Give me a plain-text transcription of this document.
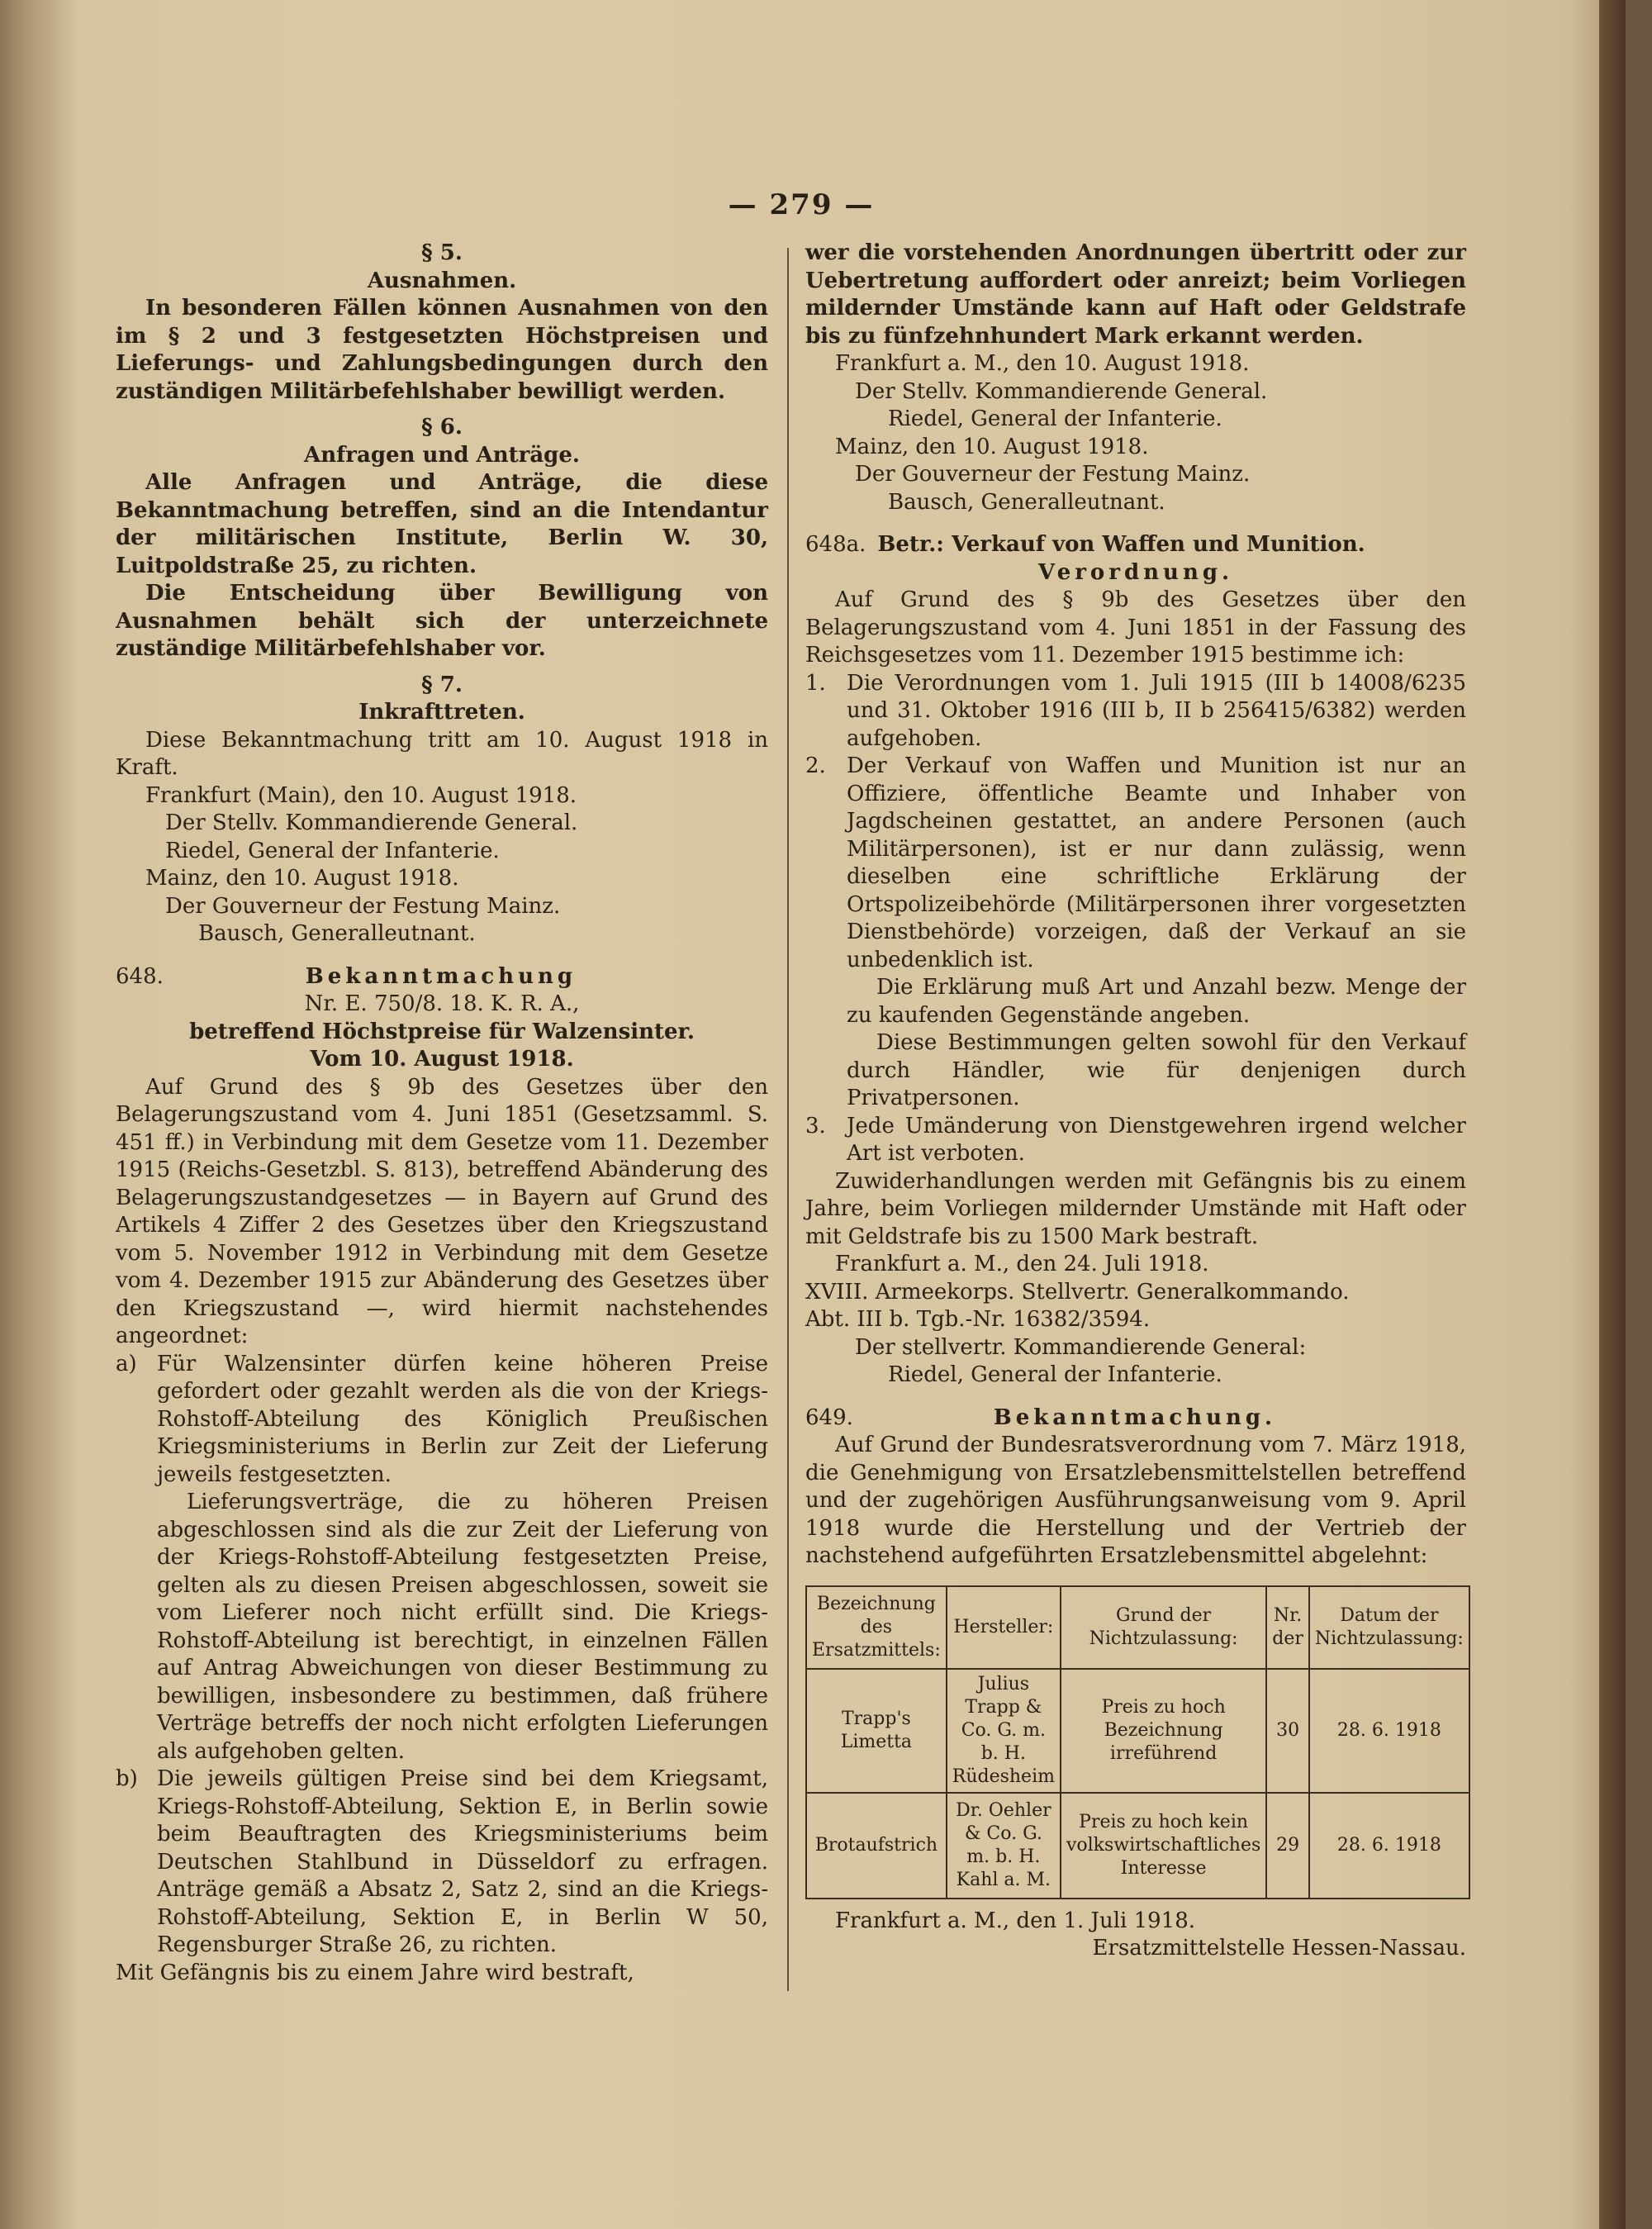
— 279 —

§ 5.

Ausnahmen.

In besonderen Fällen können Ausnahmen von den im § 2 und 3 festgesetzten Höchstpreisen und Lieferungs- und Zahlungsbedingungen durch den zuständigen Militärbefehlshaber bewilligt werden.

§ 6.

Anfragen und Anträge.

Alle Anfragen und Anträge, die diese Bekanntmachung betreffen, sind an die Intendantur der militärischen Institute, Berlin W. 30, Luitpoldstraße 25, zu richten.

Die Entscheidung über Bewilligung von Ausnahmen behält sich der unterzeichnete zuständige Militärbefehlshaber vor.

§ 7.

Inkrafttreten.

Diese Bekanntmachung tritt am 10. August 1918 in Kraft.

Frankfurt (Main), den 10. August 1918.

Der Stellv. Kommandierende General.

Riedel, General der Infanterie.

Mainz, den 10. August 1918.

Der Gouverneur der Festung Mainz.

Bausch, Generalleutnant.

648.	Bekanntmachung

Nr. E. 750/8. 18. K. R. A.,

betreffend Höchstpreise für Walzensinter.

Vom 10. August 1918.

Auf Grund des § 9b des Gesetzes über den Belagerungszustand vom 4. Juni 1851 (Gesetzsamml. S. 451 ff.) in Verbindung mit dem Gesetze vom 11. Dezember 1915 (Reichs-Gesetzbl. S. 813), betreffend Abänderung des Belagerungszustandgesetzes — in Bayern auf Grund des Artikels 4 Ziffer 2 des Gesetzes über den Kriegszustand vom 5. November 1912 in Verbindung mit dem Gesetze vom 4. Dezember 1915 zur Abänderung des Gesetzes über den Kriegszustand —, wird hiermit nachstehendes angeordnet:

a) Für Walzensinter dürfen keine höheren Preise gefordert oder gezahlt werden als die von der Kriegs-Rohstoff-Abteilung des Königlich Preußischen Kriegsministeriums in Berlin zur Zeit der Lieferung jeweils festgesetzten.

Lieferungsverträge, die zu höheren Preisen abgeschlossen sind als die zur Zeit der Lieferung von der Kriegs-Rohstoff-Abteilung festgesetzten Preise, gelten als zu diesen Preisen abgeschlossen, soweit sie vom Lieferer noch nicht erfüllt sind. Die Kriegs-Rohstoff-Abteilung ist berechtigt, in einzelnen Fällen auf Antrag Abweichungen von dieser Bestimmung zu bewilligen, insbesondere zu bestimmen, daß frühere Verträge betreffs der noch nicht erfolgten Lieferungen als aufgehoben gelten.

b) Die jeweils gültigen Preise sind bei dem Kriegsamt, Kriegs-Rohstoff-Abteilung, Sektion E, in Berlin sowie beim Beauftragten des Kriegsministeriums beim Deutschen Stahlbund in Düsseldorf zu erfragen. Anträge gemäß a Absatz 2, Satz 2, sind an die Kriegs-Rohstoff-Abteilung, Sektion E, in Berlin W 50, Regensburger Straße 26, zu richten.

Mit Gefängnis bis zu einem Jahre wird bestraft,

wer die vorstehenden Anordnungen übertritt oder zur Uebertretung auffordert oder anreizt; beim Vorliegen mildernder Umstände kann auf Haft oder Geldstrafe bis zu fünfzehnhundert Mark erkannt werden.

Frankfurt a. M., den 10. August 1918.

Der Stellv. Kommandierende General.

Riedel, General der Infanterie.

Mainz, den 10. August 1918.

Der Gouverneur der Festung Mainz.

Bausch, Generalleutnant.

648a. Betr.: Verkauf von Waffen und Munition.

Verordnung.

Auf Grund des § 9b des Gesetzes über den Belagerungszustand vom 4. Juni 1851 in der Fassung des Reichsgesetzes vom 11. Dezember 1915 bestimme ich:

1. Die Verordnungen vom 1. Juli 1915 (III b 14008/6235 und 31. Oktober 1916 (III b, II b 256415/6382) werden aufgehoben.

2. Der Verkauf von Waffen und Munition ist nur an Offiziere, öffentliche Beamte und Inhaber von Jagdscheinen gestattet, an andere Personen (auch Militärpersonen), ist er nur dann zulässig, wenn dieselben eine schriftliche Erklärung der Ortspolizeibehörde (Militärpersonen ihrer vorgesetzten Dienstbehörde) vorzeigen, daß der Verkauf an sie unbedenklich ist.

Die Erklärung muß Art und Anzahl bezw. Menge der zu kaufenden Gegenstände angeben.

Diese Bestimmungen gelten sowohl für den Verkauf durch Händler, wie für denjenigen durch Privatpersonen.

3. Jede Umänderung von Dienstgewehren irgend welcher Art ist verboten.

Zuwiderhandlungen werden mit Gefängnis bis zu einem Jahre, beim Vorliegen mildernder Umstände mit Haft oder mit Geldstrafe bis zu 1500 Mark bestraft.

Frankfurt a. M., den 24. Juli 1918.

XVIII. Armeekorps. Stellvertr. Generalkommando.

Abt. III b. Tgb.-Nr. 16382/3594.

Der stellvertr. Kommandierende General:

Riedel, General der Infanterie.

649.	Bekanntmachung.

Auf Grund der Bundesratsverordnung vom 7. März 1918, die Genehmigung von Ersatzlebensmittelstellen betreffend und der zugehörigen Ausführungsanweisung vom 9. April 1918 wurde die Herstellung und der Vertrieb der nachstehend aufgeführten Ersatzlebensmittel abgelehnt:

Bezeichnung des Ersatzmittels:	Hersteller:	Grund der Nichtzulassung:	Nr. der	Datum der Nichtzulassung:
Trapp's Limetta	Julius Trapp & Co. G. m. b. H. Rüdesheim	Preis zu hoch Bezeichnung irreführend	30	28. 6. 1918
Brotaufstrich	Dr. Oehler & Co. G. m. b. H. Kahl a. M.	Preis zu hoch kein volkswirtschaftliches Interesse	29	28. 6. 1918

Frankfurt a. M., den 1. Juli 1918.

Ersatzmittelstelle Hessen-Nassau.
